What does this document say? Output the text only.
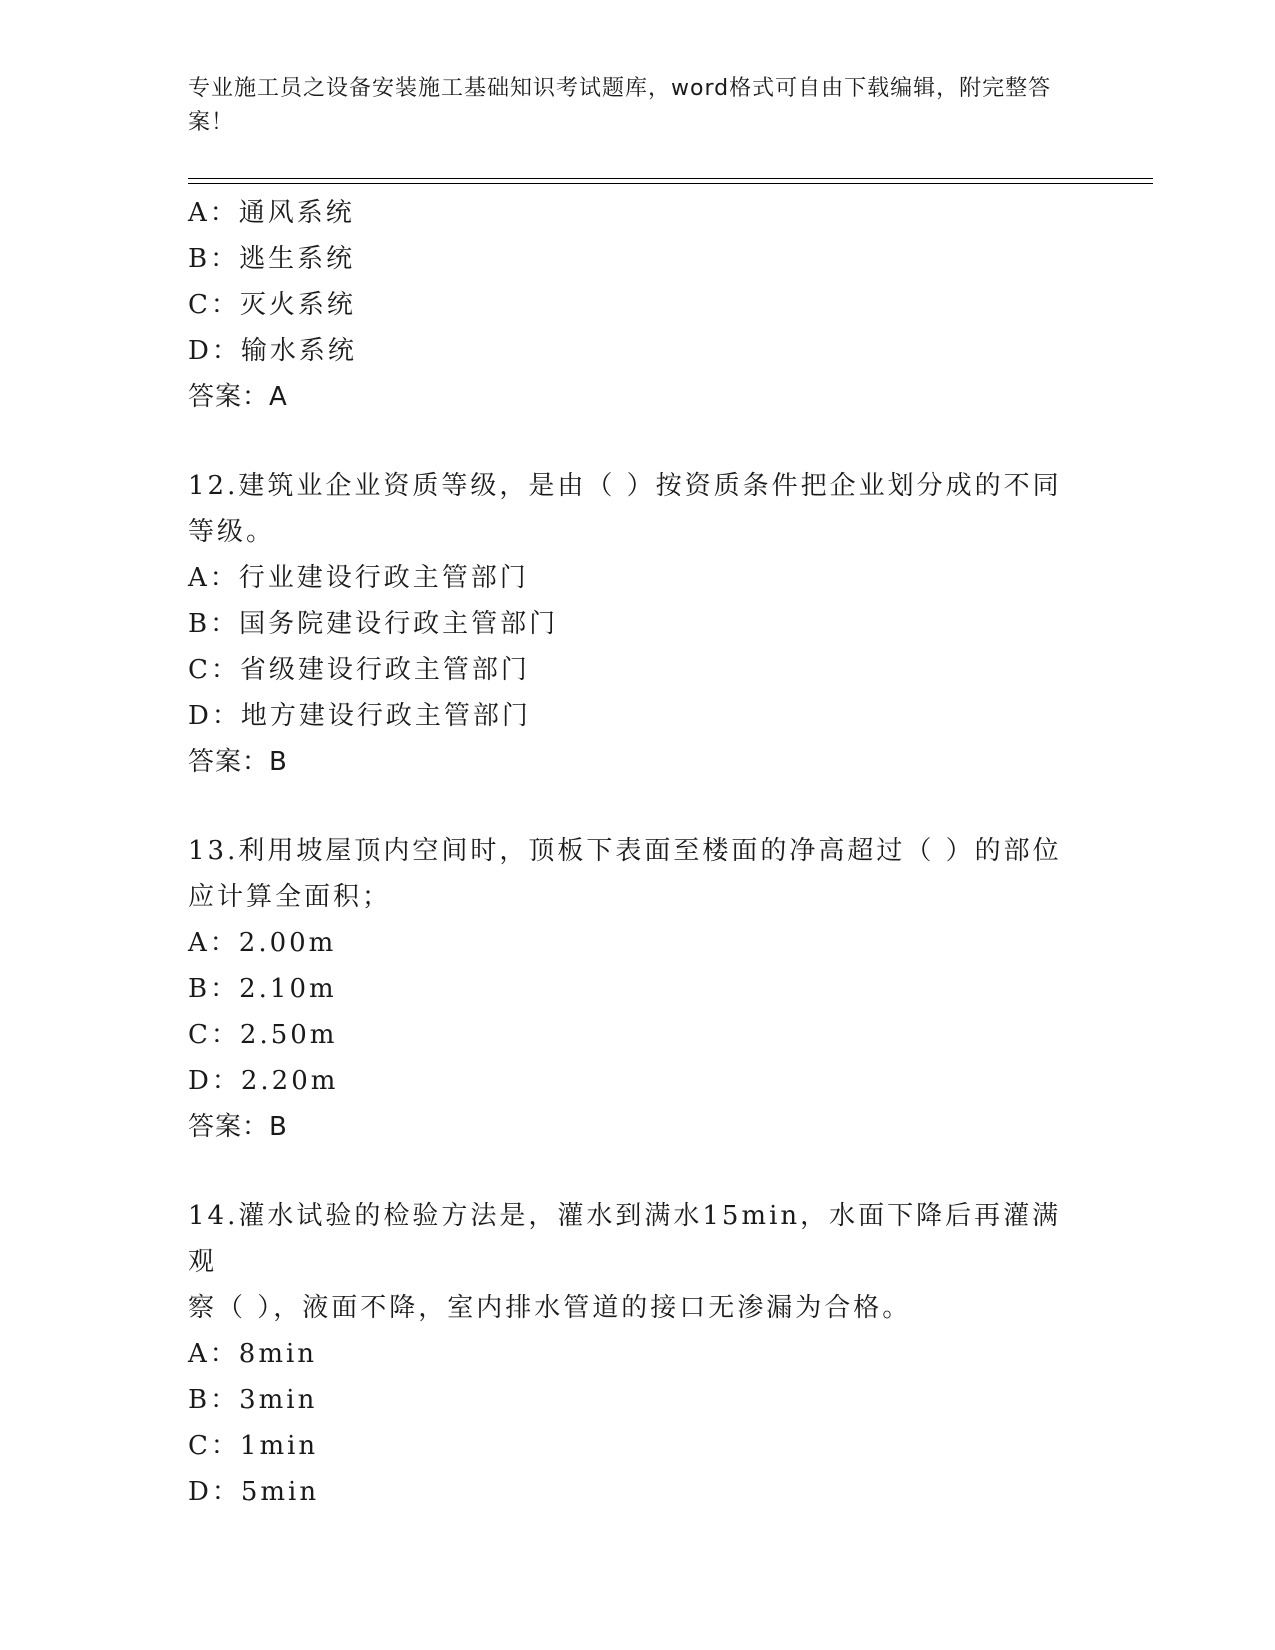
专业施工员之设备安装施工基础知识考试题库，word格式可自由下载编辑，附完整答案！
A：通风系统
B：逃生系统
C：灭火系统
D：输水系统
答案：A
12.建筑业企业资质等级，是由（ ）按资质条件把企业划分成的不同
等级。
A：行业建设行政主管部门
B：国务院建设行政主管部门
C：省级建设行政主管部门
D：地方建设行政主管部门
答案：B
13.利用坡屋顶内空间时，顶板下表面至楼面的净高超过（ ）的部位
应计算全面积；
A：2.00m
B：2.10m
C：2.50m
D：2.20m
答案：B
14.灌水试验的检验方法是，灌水到满水15min，水面下降后再灌满观
察（ ），液面不降，室内排水管道的接口无渗漏为合格。
A：8min
B：3min
C：1min
D：5min
